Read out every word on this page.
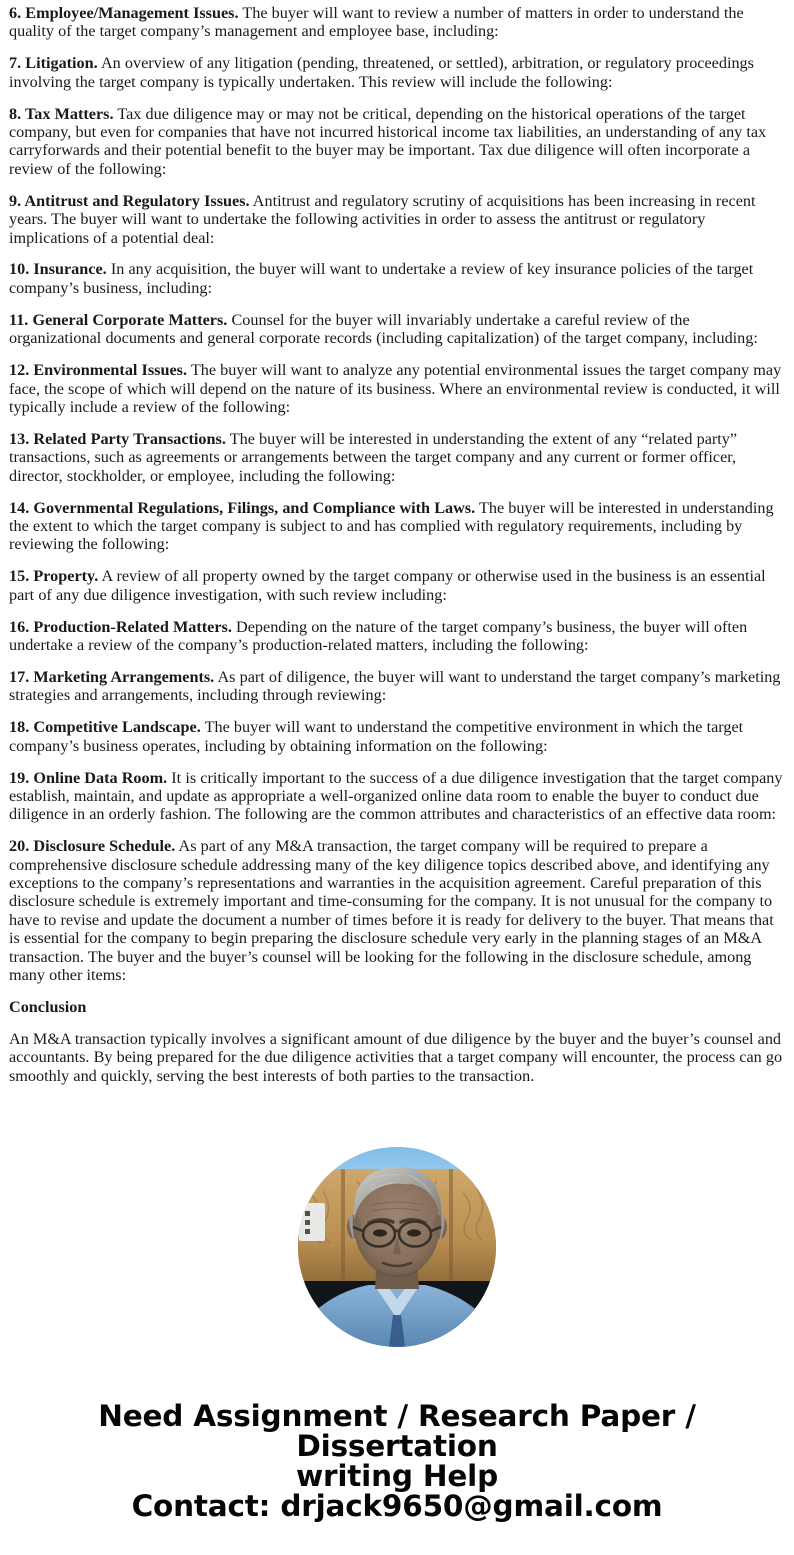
6. Employee/Management Issues. The buyer will want to review a number of matters in order to understand the quality of the target company’s management and employee base, including:

7. Litigation. An overview of any litigation (pending, threatened, or settled), arbitration, or regulatory proceedings involving the target company is typically undertaken. This review will include the following:

8. Tax Matters. Tax due diligence may or may not be critical, depending on the historical operations of the target company, but even for companies that have not incurred historical income tax liabilities, an understanding of any tax carryforwards and their potential benefit to the buyer may be important. Tax due diligence will often incorporate a review of the following:

9. Antitrust and Regulatory Issues. Antitrust and regulatory scrutiny of acquisitions has been increasing in recent years. The buyer will want to undertake the following activities in order to assess the antitrust or regulatory implications of a potential deal:

10. Insurance. In any acquisition, the buyer will want to undertake a review of key insurance policies of the target company’s business, including:

11. General Corporate Matters. Counsel for the buyer will invariably undertake a careful review of the organizational documents and general corporate records (including capitalization) of the target company, including:

12. Environmental Issues. The buyer will want to analyze any potential environmental issues the target company may face, the scope of which will depend on the nature of its business. Where an environmental review is conducted, it will typically include a review of the following:

13. Related Party Transactions. The buyer will be interested in understanding the extent of any “related party” transactions, such as agreements or arrangements between the target company and any current or former officer, director, stockholder, or employee, including the following:

14. Governmental Regulations, Filings, and Compliance with Laws. The buyer will be interested in understanding the extent to which the target company is subject to and has complied with regulatory requirements, including by reviewing the following:

15. Property. A review of all property owned by the target company or otherwise used in the business is an essential part of any due diligence investigation, with such review including:

16. Production-Related Matters. Depending on the nature of the target company’s business, the buyer will often undertake a review of the company’s production-related matters, including the following:

17. Marketing Arrangements. As part of diligence, the buyer will want to understand the target company’s marketing strategies and arrangements, including through reviewing:

18. Competitive Landscape. The buyer will want to understand the competitive environment in which the target company’s business operates, including by obtaining information on the following:

19. Online Data Room. It is critically important to the success of a due diligence investigation that the target company establish, maintain, and update as appropriate a well-organized online data room to enable the buyer to conduct due diligence in an orderly fashion. The following are the common attributes and characteristics of an effective data room:

20. Disclosure Schedule. As part of any M&A transaction, the target company will be required to prepare a comprehensive disclosure schedule addressing many of the key diligence topics described above, and identifying any exceptions to the company’s representations and warranties in the acquisition agreement. Careful preparation of this disclosure schedule is extremely important and time-consuming for the company. It is not unusual for the company to have to revise and update the document a number of times before it is ready for delivery to the buyer. That means that is essential for the company to begin preparing the disclosure schedule very early in the planning stages of an M&A transaction. The buyer and the buyer’s counsel will be looking for the following in the disclosure schedule, among many other items:

Conclusion

An M&A transaction typically involves a significant amount of due diligence by the buyer and the buyer’s counsel and accountants. By being prepared for the due diligence activities that a target company will encounter, the process can go smoothly and quickly, serving the best interests of both parties to the transaction.

Need Assignment / Research Paper / Dissertation
writing Help
Contact: drjack9650@gmail.com
